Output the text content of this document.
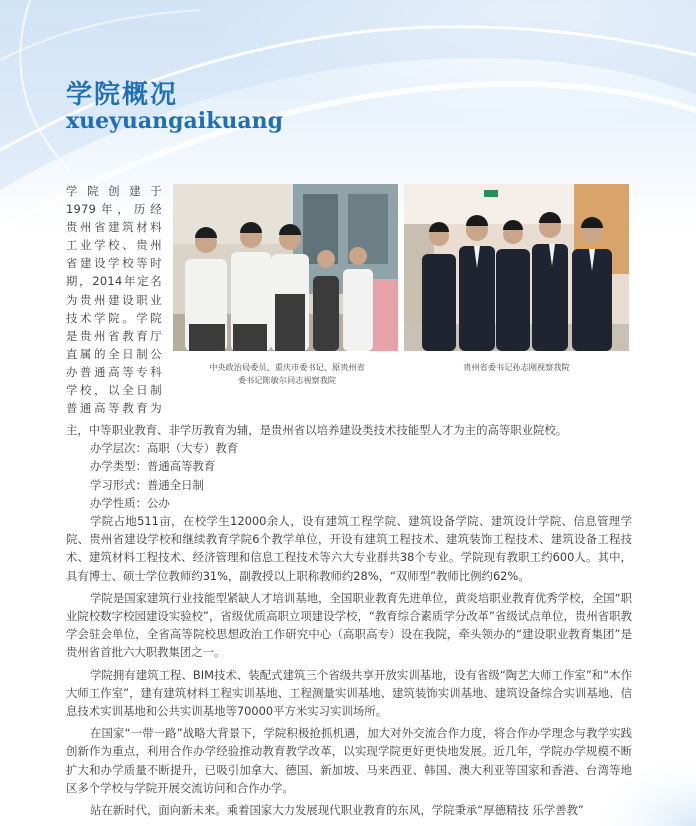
学院概况
xueyuangaikuang
学院创建于
1979年，历经
贵州省建筑材料
工业学校、贵州
省建设学校等时
期，2014年定名
为贵州建设职业
技术学院。学院
是贵州省教育厅
直属的全日制公
办普通高等专科
学校，以全日制
普通高等教育为
中央政治局委员、重庆市委书记、原贵州省
委书记陈敏尔同志视察我院
贵州省委书记孙志刚视察我院

主，中等职业教育、非学历教育为辅，是贵州省以培养建设类技术技能型人才为主的高等职业院校。

办学层次：高职（大专）教育

办学类型：普通高等教育

学习形式：普通全日制

办学性质：公办

学院占地511亩，在校学生12000余人，设有建筑工程学院、建筑设备学院、建筑设计学院、信息管理学院、贵州省建设学校和继续教育学院6个教学单位，开设有建筑工程技术、建筑装饰工程技术、建筑设备工程技术、建筑材料工程技术、经济管理和信息工程技术等六大专业群共38个专业。学院现有教职工约600人。其中，具有博士、硕士学位教师约31%，副教授以上职称教师约28%，“双师型”教师比例约62%。

学院是国家建筑行业技能型紧缺人才培训基地，全国职业教育先进单位，黄炎培职业教育优秀学校，全国“职业院校数字校园建设实验校”，省级优质高职立项建设学校，“教育综合素质学分改革”省级试点单位，贵州省职教学会驻会单位，全省高等院校思想政治工作研究中心（高职高专）设在我院，牵头领办的“建设职业教育集团”是贵州省首批六大职教集团之一。

学院拥有建筑工程、BIM技术、装配式建筑三个省级共享开放实训基地，设有省级“陶艺大师工作室”和“木作大师工作室”，建有建筑材料工程实训基地、工程测量实训基地、建筑装饰实训基地、建筑设备综合实训基地、信息技术实训基地和公共实训基地等70000平方米实习实训场所。

在国家“一带一路”战略大背景下，学院积极抢抓机遇，加大对外交流合作力度，将合作办学理念与教学实践创新作为重点，利用合作办学经验推动教育教学改革，以实现学院更好更快地发展。近几年，学院办学规模不断扩大和办学质量不断提升，已吸引加拿大、德国、新加坡、马来西亚、韩国、澳大利亚等国家和香港、台湾等地区多个学校与学院开展交流访问和合作办学。

站在新时代，面向新未来。乘着国家大力发展现代职业教育的东风，学院秉承“厚德精技 乐学善教”
